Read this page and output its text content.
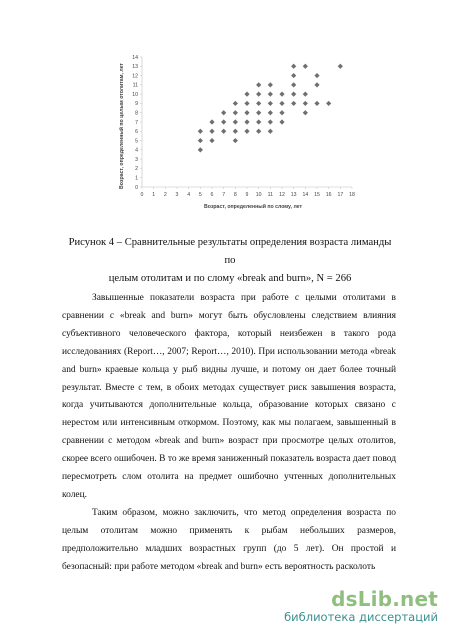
0
1
2
3
4
5
6
7
8
9
10
11
12
13
14
0 1 2 3 4 5 6 7 8 9 10 11 12 13 14 15 16 17 18
Возраст, определенный по целым отолитам, лет
Возраст, определенный по слому, лет
Рисунок 4 – Сравнительные результаты определения возраста лиманды по
целым отолитам и по слому «break and burn», N = 266

Завышенные показатели возраста при работе с целыми отолитами в сравнении с «break and burn» могут быть обусловлены следствием влияния субъективного человеческого фактора, который неизбежен в такого рода исследованиях (Report…, 2007; Report…, 2010). При использовании метода «break and burn» краевые кольца у рыб видны лучше, и потому он дает более точный результат. Вместе с тем, в обоих методах существует риск завышения возраста, когда учитываются дополнительные кольца, образование которых связано с нерестом или интенсивным откормом. Поэтому, как мы полагаем, завышенный в сравнении с методом «break and burn» возраст при просмотре целых отолитов, скорее всего ошибочен. В то же время заниженный показатель возраста дает повод пересмотреть слом отолита на предмет ошибочно учтенных дополнительных колец.

Таким образом, можно заключить, что метод определения возраста по целым отолитам можно применять к рыбам небольших размеров, предположительно младших возрастных групп (до 5 лет). Он простой и безопасный: при работе методом «break and burn» есть вероятность расколоть

dsLib.net
библиотека диссертаций
